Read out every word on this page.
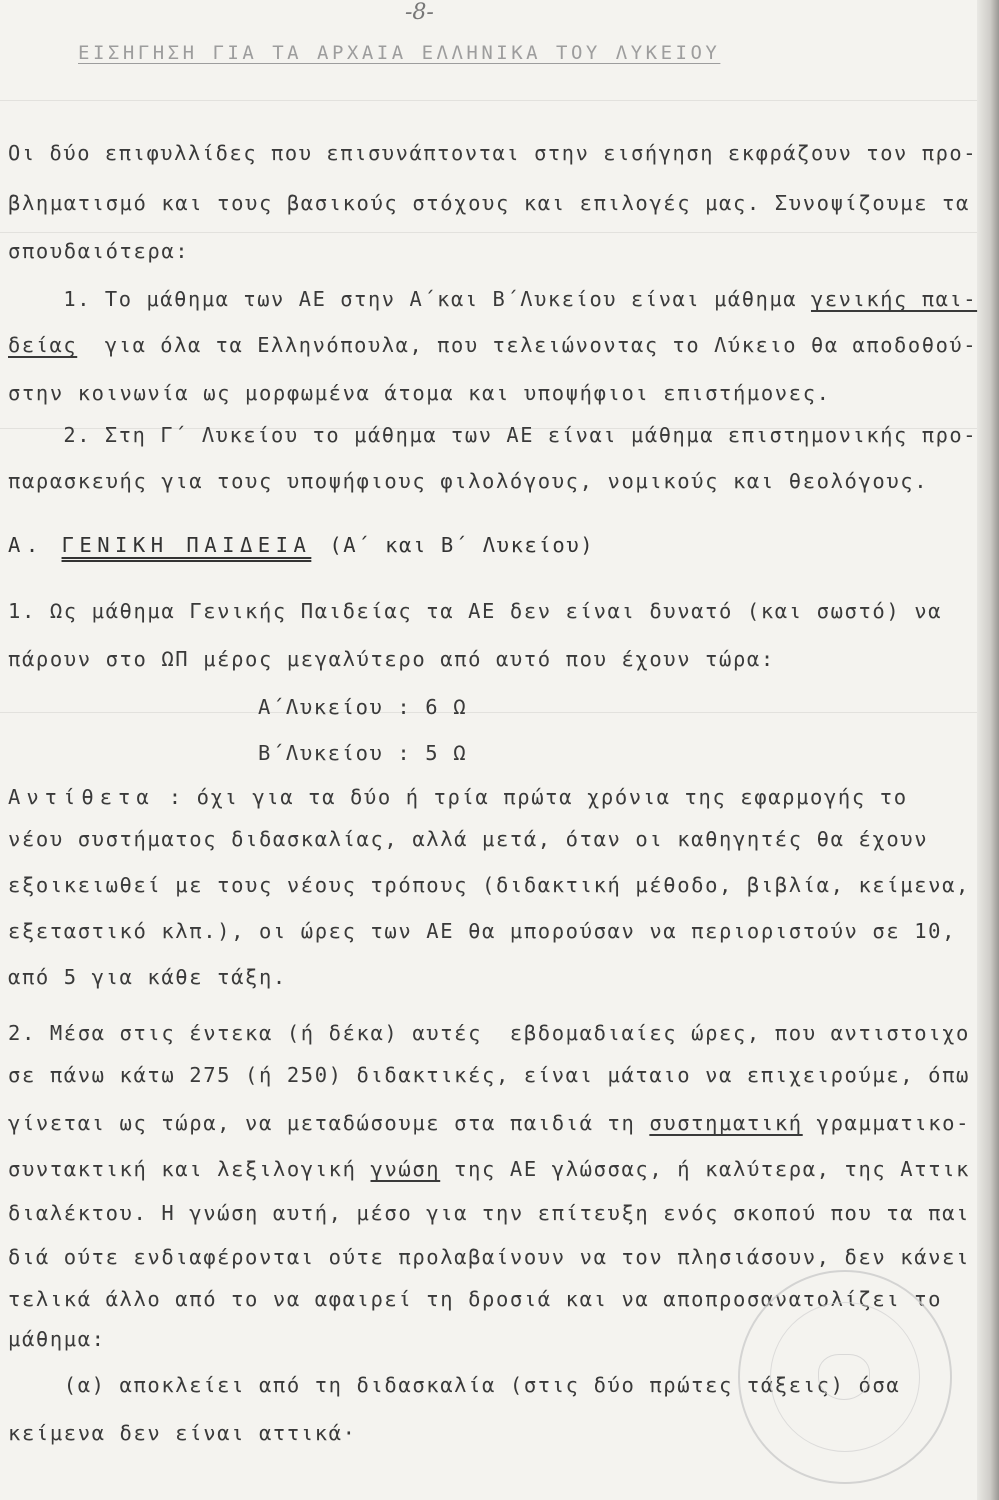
-8-
ΕΙΣΗΓΗΣΗ ΓΙΑ ΤΑ ΑΡΧΑΙΑ ΕΛΛΗΝΙΚΑ ΤΟΥ ΛΥΚΕΙΟΥ
Οι δύο επιφυλλίδες που επισυνάπτονται στην εισήγηση εκφράζουν τον προ-
βληματισμό και τους βασικούς στόχους και επιλογές μας. Συνοψίζουμε τα
σπουδαιότερα:
1. Το μάθημα των ΑΕ στην Α΄και Β΄Λυκείου είναι μάθημα γενικής παι-
δείας  για όλα τα Ελληνόπουλα, που τελειώνοντας το Λύκειο θα αποδοθού-
στην κοινωνία ως μορφωμένα άτομα και υποψήφιοι επιστήμονες.
2. Στη Γ΄ Λυκείου το μάθημα των ΑΕ είναι μάθημα επιστημονικής προ-
παρασκευής για τους υποψήφιους φιλολόγους, νομικούς και θεολόγους.
Α. ΓΕΝΙΚΗ ΠΑΙΔΕΙΑ (Α΄ και Β΄ Λυκείου)
1. Ως μάθημα Γενικής Παιδείας τα ΑΕ δεν είναι δυνατό (και σωστό) να
πάρουν στο ΩΠ μέρος μεγαλύτερο από αυτό που έχουν τώρα:
Α΄Λυκείου : 6 Ω
Β΄Λυκείου : 5 Ω
Αντίθετα : όχι για τα δύο ή τρία πρώτα χρόνια της εφαρμογής το
νέου συστήματος διδασκαλίας, αλλά μετά, όταν οι καθηγητές θα έχουν
εξοικειωθεί με τους νέους τρόπους (διδακτική μέθοδο, βιβλία, κείμενα,
εξεταστικό κλπ.), οι ώρες των ΑΕ θα μπορούσαν να περιοριστούν σε 10,
από 5 για κάθε τάξη.
2. Μέσα στις έντεκα (ή δέκα) αυτές  εβδομαδιαίες ώρες, που αντιστοιχο
σε πάνω κάτω 275 (ή 250) διδακτικές, είναι μάταιο να επιχειρούμε, όπω
γίνεται ως τώρα, να μεταδώσουμε στα παιδιά τη συστηματική γραμματικο-
συντακτική και λεξιλογική γνώση της ΑΕ γλώσσας, ή καλύτερα, της Αττικ
διαλέκτου. Η γνώση αυτή, μέσο για την επίτευξη ενός σκοπού που τα παι
διά ούτε ενδιαφέρονται ούτε προλαβαίνουν να τον πλησιάσουν, δεν κάνει
τελικά άλλο από το να αφαιρεί τη δροσιά και να αποπροσανατολίζει το
μάθημα:
(α) αποκλείει από τη διδασκαλία (στις δύο πρώτες τάξεις) όσα
κείμενα δεν είναι αττικά·
